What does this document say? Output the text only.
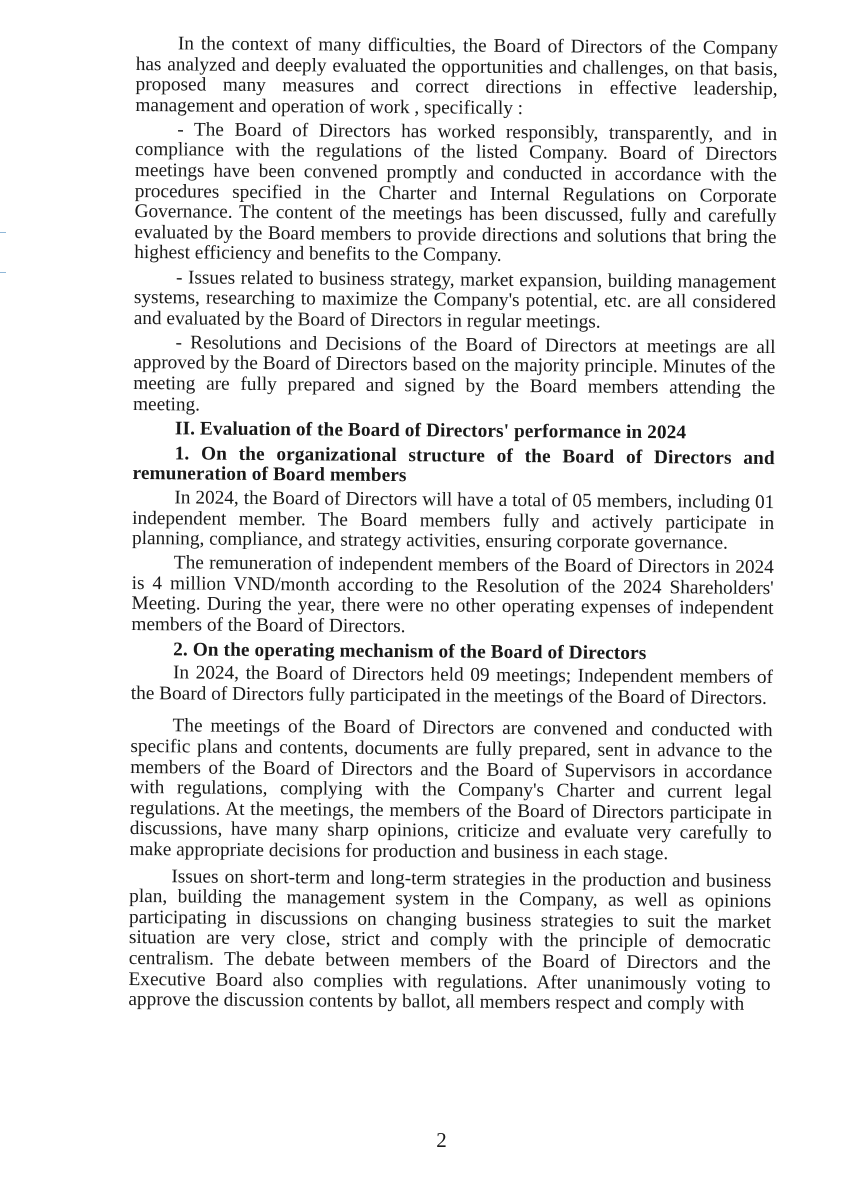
In the context of many difficulties, the Board of Directors of the Company has analyzed and deeply evaluated the opportunities and challenges, on that basis, proposed many measures and correct directions in effective leadership, management and operation of work , specifically :

- The Board of Directors has worked responsibly, transparently, and in compliance with the regulations of the listed Company. Board of Directors meetings have been convened promptly and conducted in accordance with the procedures specified in the Charter and Internal Regulations on Corporate Governance. The content of the meetings has been discussed, fully and carefully evaluated by the Board members to provide directions and solutions that bring the highest efficiency and benefits to the Company.

- Issues related to business strategy, market expansion, building management systems, researching to maximize the Company's potential, etc. are all considered and evaluated by the Board of Directors in regular meetings.

- Resolutions and Decisions of the Board of Directors at meetings are all approved by the Board of Directors based on the majority principle. Minutes of the meeting are fully prepared and signed by the Board members attending the meeting.

II. Evaluation of the Board of Directors' performance in 2024

1. On the organizational structure of the Board of Directors and remuneration of Board members

In 2024, the Board of Directors will have a total of 05 members, including 01 independent member. The Board members fully and actively participate in planning, compliance, and strategy activities, ensuring corporate governance.

The remuneration of independent members of the Board of Directors in 2024 is 4 million VND/month according to the Resolution of the 2024 Shareholders' Meeting. During the year, there were no other operating expenses of independent members of the Board of Directors.

2. On the operating mechanism of the Board of Directors

In 2024, the Board of Directors held 09 meetings; Independent members of the Board of Directors fully participated in the meetings of the Board of Directors.

The meetings of the Board of Directors are convened and conducted with specific plans and contents, documents are fully prepared, sent in advance to the members of the Board of Directors and the Board of Supervisors in accordance with regulations, complying with the Company's Charter and current legal regulations. At the meetings, the members of the Board of Directors participate in discussions, have many sharp opinions, criticize and evaluate very carefully to make appropriate decisions for production and business in each stage.

Issues on short-term and long-term strategies in the production and business plan, building the management system in the Company, as well as opinions participating in discussions on changing business strategies to suit the market situation are very close, strict and comply with the principle of democratic centralism. The debate between members of the Board of Directors and the Executive Board also complies with regulations. After unanimously voting to approve the discussion contents by ballot, all members respect and comply with

2
